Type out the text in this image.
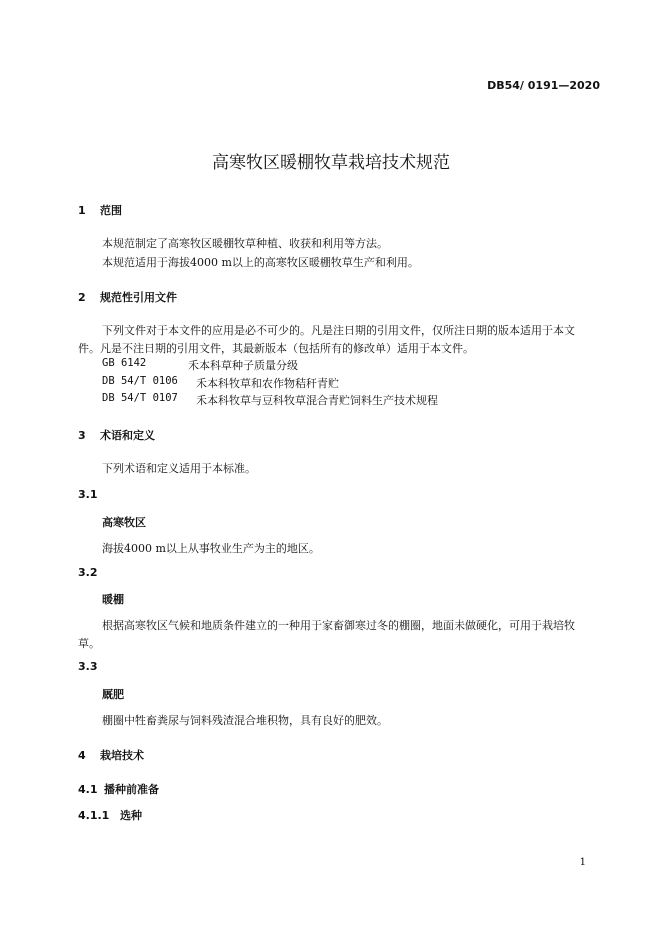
DB54/ 0191—2020
高寒牧区暖棚牧草栽培技术规范
1 范围
本规范制定了高寒牧区暖棚牧草种植、收获和利用等方法。
本规范适用于海拔4000 m以上的高寒牧区暖棚牧草生产和利用。
2 规范性引用文件
下列文件对于本文件的应用是必不可少的。凡是注日期的引用文件，仅所注日期的版本适用于本文
件。凡是不注日期的引用文件，其最新版本（包括所有的修改单）适用于本文件。
GB 6142	禾本科草种子质量分级
DB 54/T 0106 禾本科牧草和农作物秸秆青贮
DB 54/T 0107 禾本科牧草与豆科牧草混合青贮饲料生产技术规程
3 术语和定义
下列术语和定义适用于本标准。
3.1
高寒牧区
海拔4000 m以上从事牧业生产为主的地区。
3.2
暖棚
根据高寒牧区气候和地质条件建立的一种用于家畜御寒过冬的棚圈，地面未做硬化，可用于栽培牧
草。
3.3
厩肥
棚圈中牲畜粪尿与饲料残渣混合堆积物，具有良好的肥效。
4 栽培技术
4.1 播种前准备
4.1.1 选种
1
